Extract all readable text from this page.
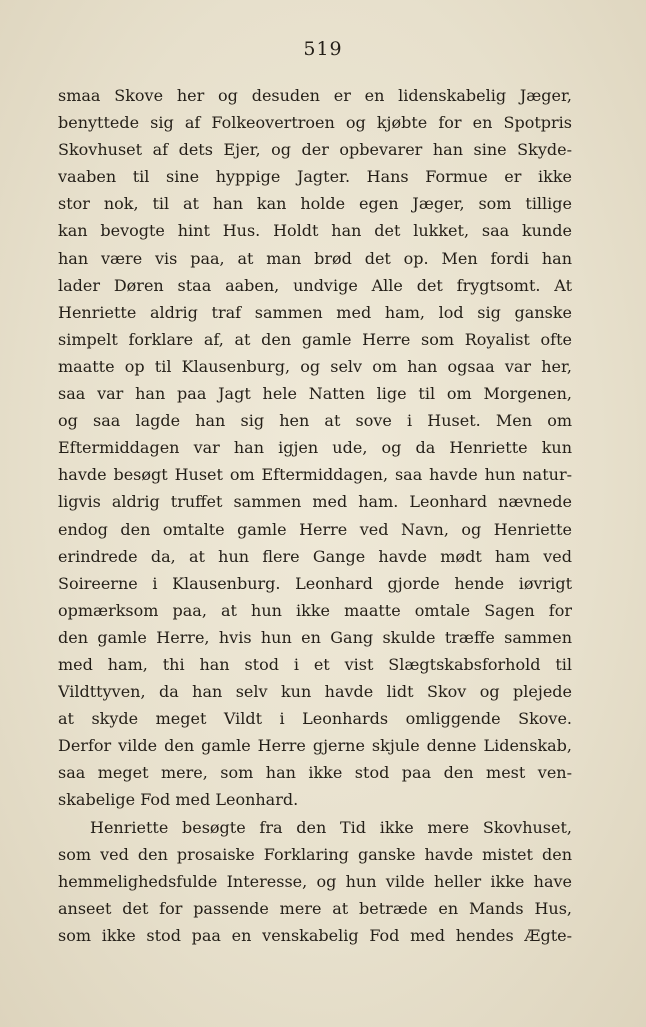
519
smaa Skove her og desuden er en lidenskabelig Jæger,
benyttede sig af Folkeovertroen og kjøbte for en Spotpris
Skovhuset af dets Ejer, og der opbevarer han sine Skyde-
vaaben til sine hyppige Jagter. Hans Formue er ikke
stor nok, til at han kan holde egen Jæger, som tillige
kan bevogte hint Hus. Holdt han det lukket, saa kunde
han være vis paa, at man brød det op. Men fordi han
lader Døren staa aaben, undvige Alle det frygtsomt. At
Henriette aldrig traf sammen med ham, lod sig ganske
simpelt forklare af, at den gamle Herre som Royalist ofte
maatte op til Klausenburg, og selv om han ogsaa var her,
saa var han paa Jagt hele Natten lige til om Morgenen,
og saa lagde han sig hen at sove i Huset. Men om
Eftermiddagen var han igjen ude, og da Henriette kun
havde besøgt Huset om Eftermiddagen, saa havde hun natur-
ligvis aldrig truffet sammen med ham. Leonhard nævnede
endog den omtalte gamle Herre ved Navn, og Henriette
erindrede da, at hun flere Gange havde mødt ham ved
Soireerne i Klausenburg. Leonhard gjorde hende iøvrigt
opmærksom paa, at hun ikke maatte omtale Sagen for
den gamle Herre, hvis hun en Gang skulde træffe sammen
med ham, thi han stod i et vist Slægtskabsforhold til
Vildttyven, da han selv kun havde lidt Skov og plejede
at skyde meget Vildt i Leonhards omliggende Skove.
Derfor vilde den gamle Herre gjerne skjule denne Lidenskab,
saa meget mere, som han ikke stod paa den mest ven-
skabelige Fod med Leonhard.
Henriette besøgte fra den Tid ikke mere Skovhuset,
som ved den prosaiske Forklaring ganske havde mistet den
hemmelighedsfulde Interesse, og hun vilde heller ikke have
anseet det for passende mere at betræde en Mands Hus,
som ikke stod paa en venskabelig Fod med hendes Ægte-
